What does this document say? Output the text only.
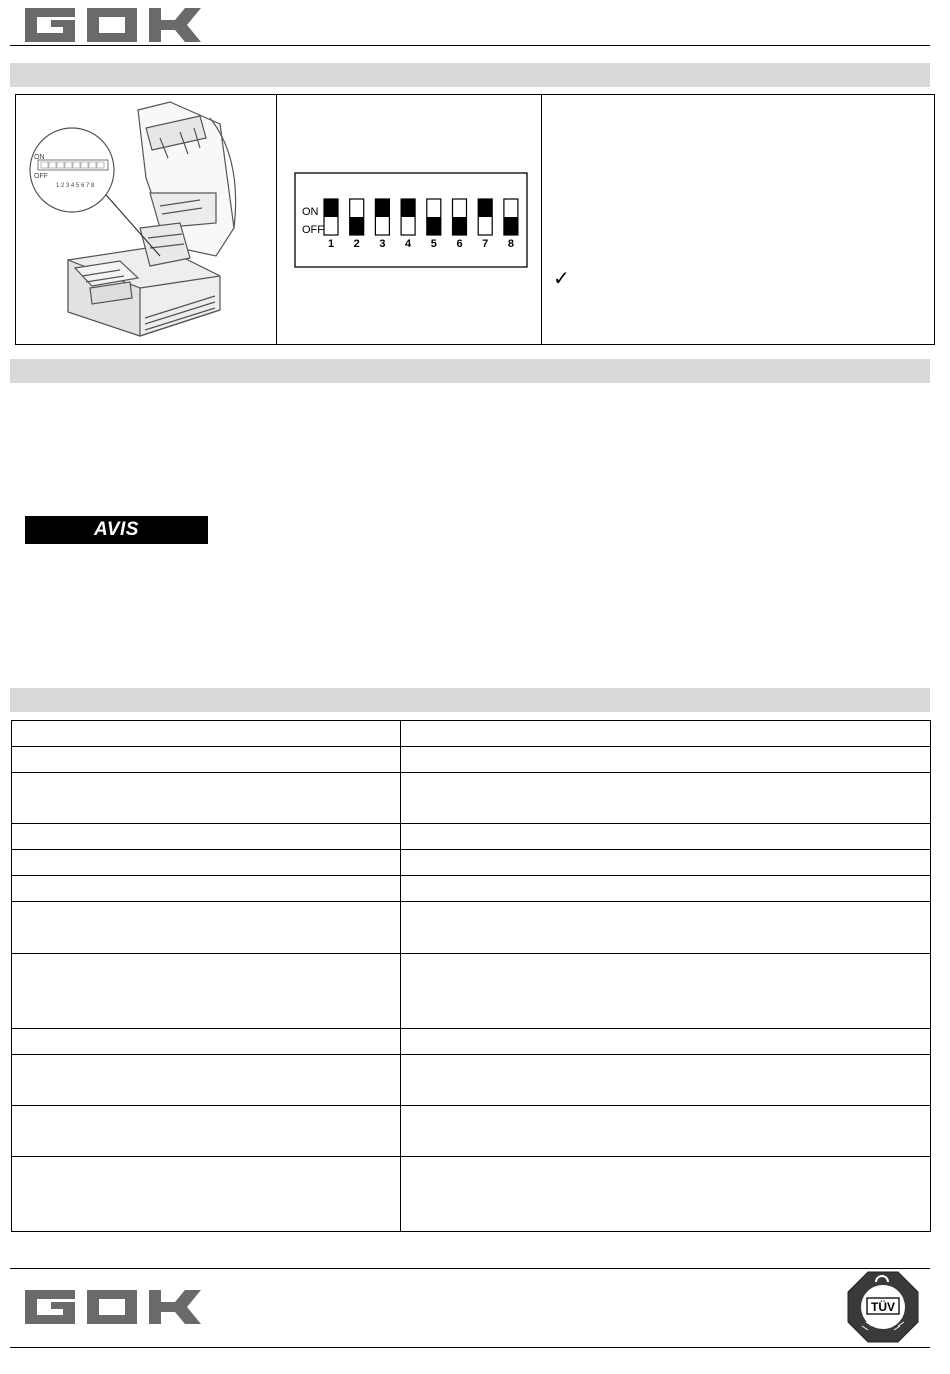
ON
OFF
1 2 3 4 5 6 7 8
ON
OFF
1 2 3 4 5 6 7 8
✓
AVIS

TÜV
